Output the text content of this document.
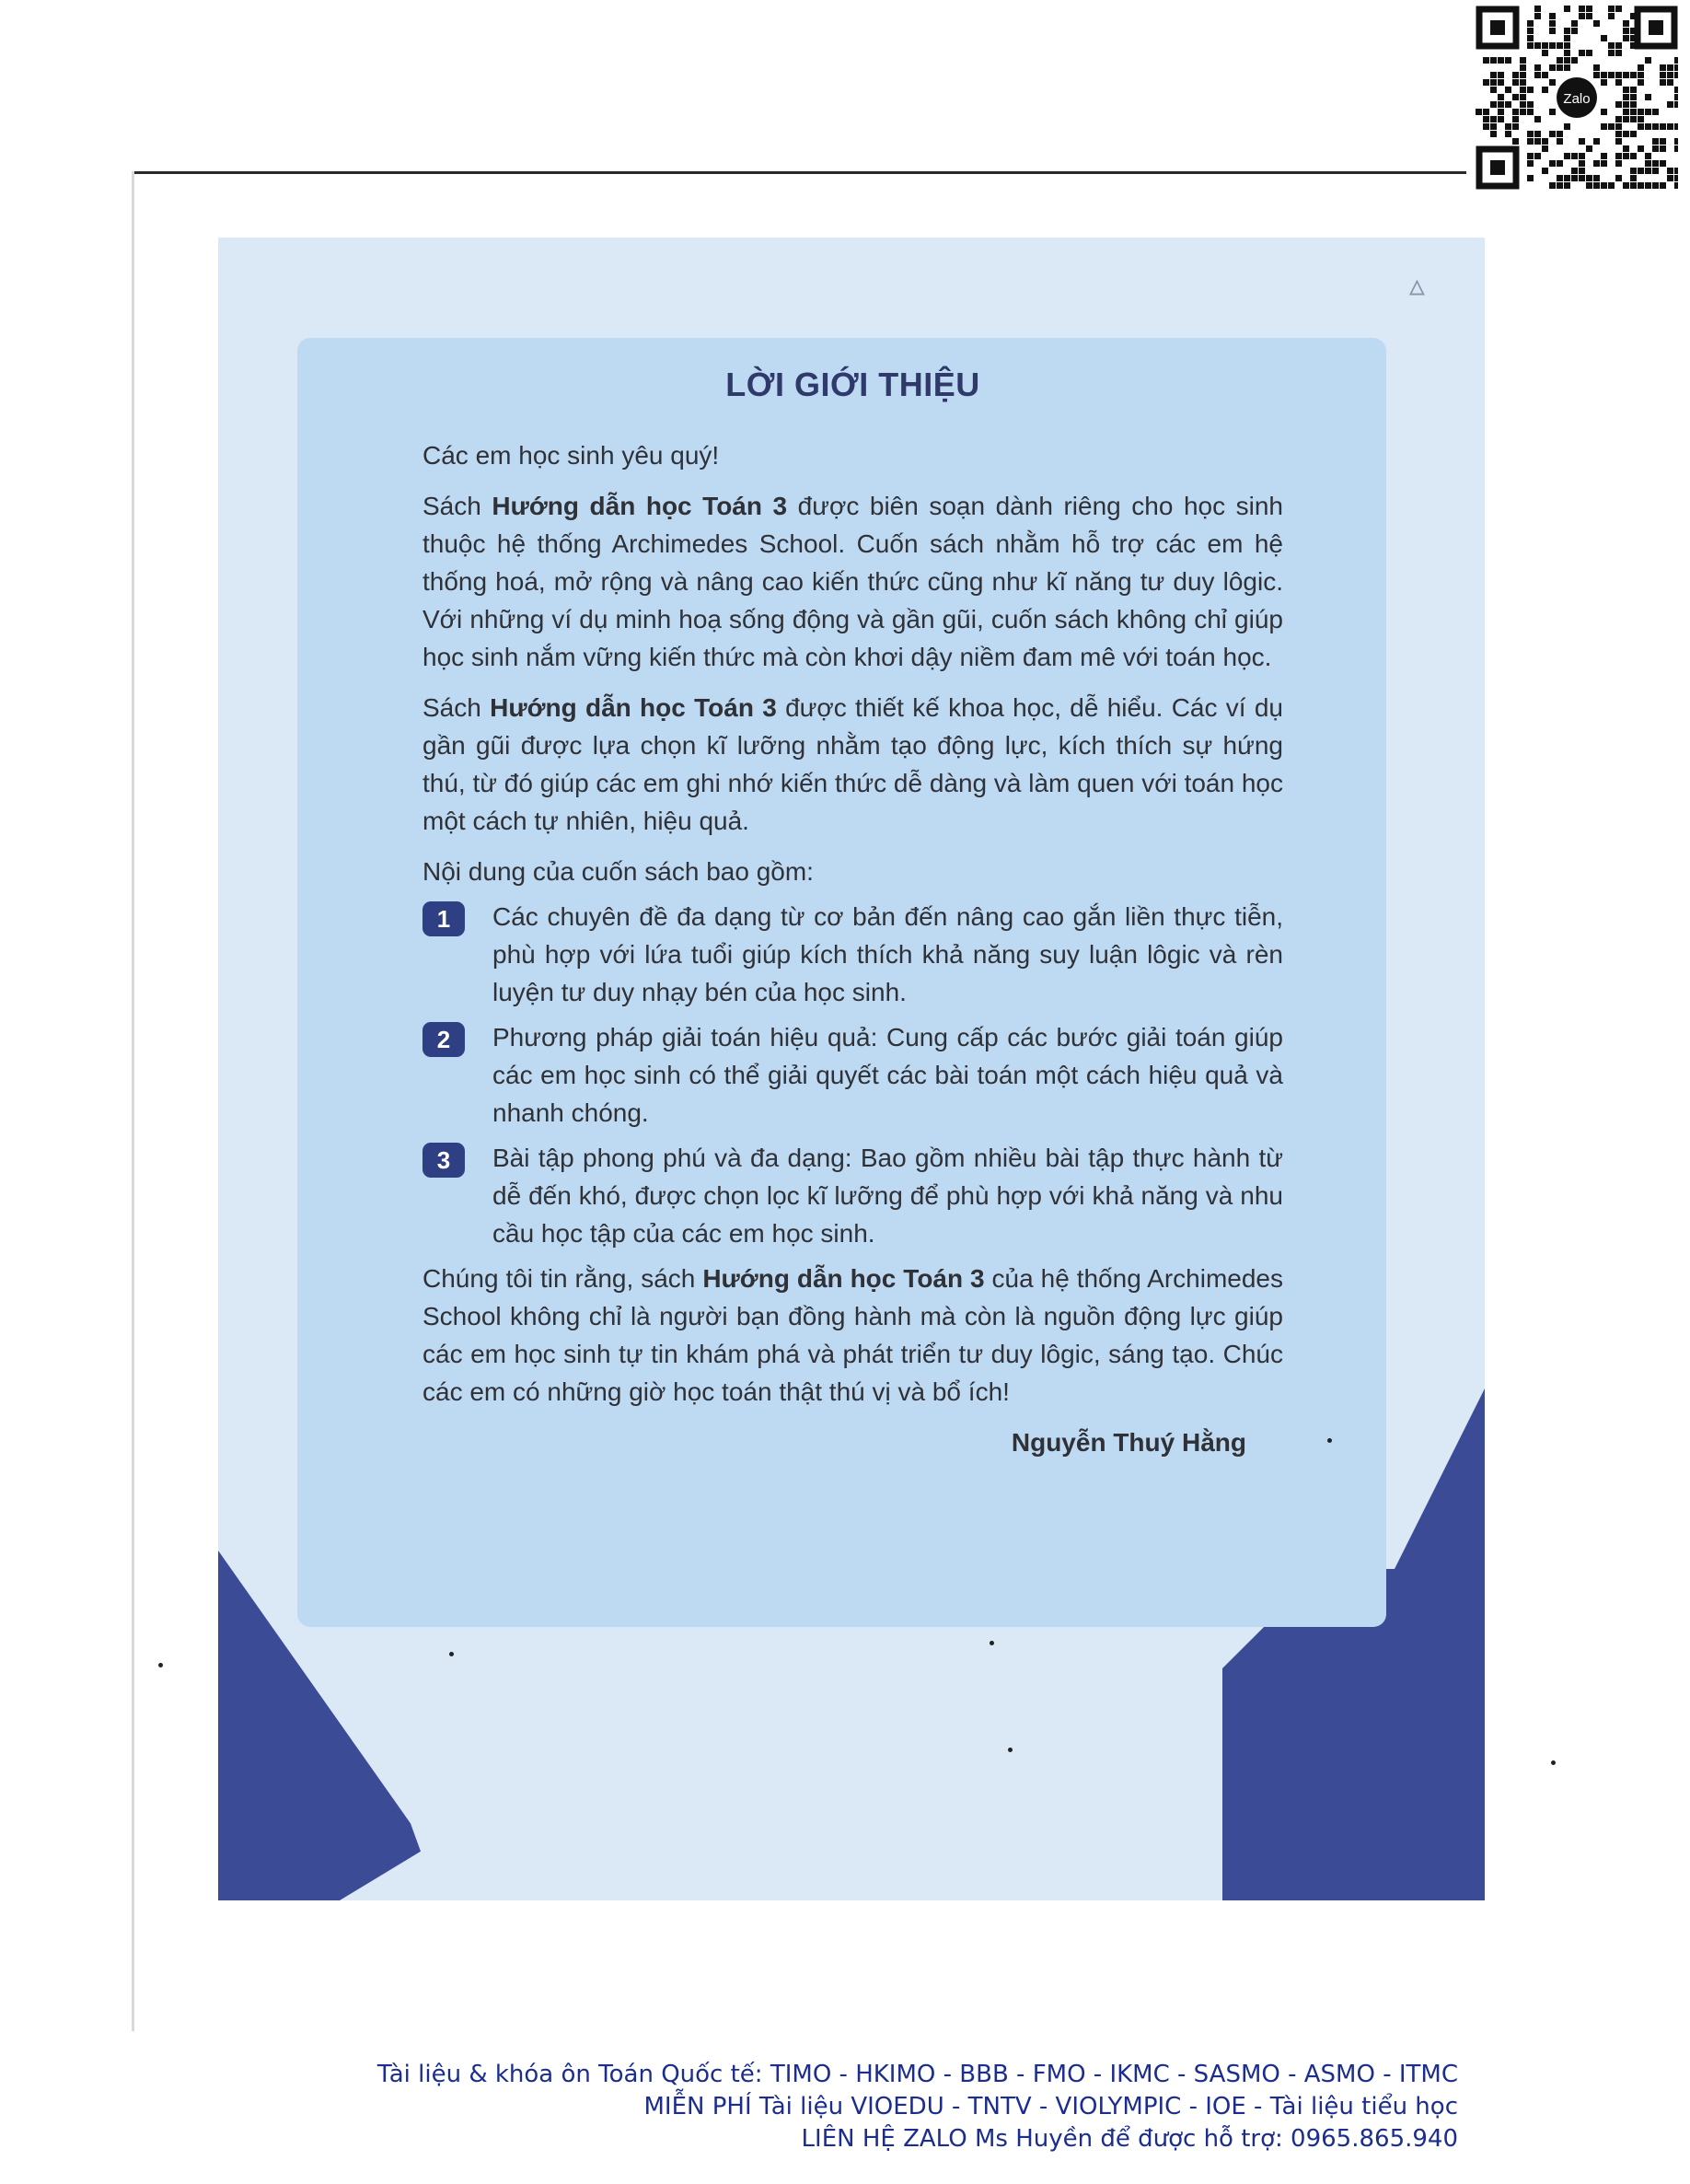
Zalo
▵
LỜI GIỚI THIỆU

Các em học sinh yêu quý!

Sách Hướng dẫn học Toán 3 được biên soạn dành riêng cho học sinh thuộc hệ thống Archimedes School. Cuốn sách nhằm hỗ trợ các em hệ thống hoá, mở rộng và nâng cao kiến thức cũng như kĩ năng tư duy lôgic. Với những ví dụ minh hoạ sống động và gần gũi, cuốn sách không chỉ giúp học sinh nắm vững kiến thức mà còn khơi dậy niềm đam mê với toán học.

Sách Hướng dẫn học Toán 3 được thiết kế khoa học, dễ hiểu. Các ví dụ gần gũi được lựa chọn kĩ lưỡng nhằm tạo động lực, kích thích sự hứng thú, từ đó giúp các em ghi nhớ kiến thức dễ dàng và làm quen với toán học một cách tự nhiên, hiệu quả.

Nội dung của cuốn sách bao gồm:

1	Các chuyên đề đa dạng từ cơ bản đến nâng cao gắn liền thực tiễn, phù hợp với lứa tuổi giúp kích thích khả năng suy luận lôgic và rèn luyện tư duy nhạy bén của học sinh.
2	Phương pháp giải toán hiệu quả: Cung cấp các bước giải toán giúp các em học sinh có thể giải quyết các bài toán một cách hiệu quả và nhanh chóng.
3	Bài tập phong phú và đa dạng: Bao gồm nhiều bài tập thực hành từ dễ đến khó, được chọn lọc kĩ lưỡng để phù hợp với khả năng và nhu cầu học tập của các em học sinh.

Chúng tôi tin rằng, sách Hướng dẫn học Toán 3 của hệ thống Archimedes School không chỉ là người bạn đồng hành mà còn là nguồn động lực giúp các em học sinh tự tin khám phá và phát triển tư duy lôgic, sáng tạo. Chúc các em có những giờ học toán thật thú vị và bổ ích!

Nguyễn Thuý Hằng
Tài liệu & khóa ôn Toán Quốc tế: TIMO - HKIMO - BBB - FMO - IKMC - SASMO - ASMO - ITMC
MIỄN PHÍ Tài liệu VIOEDU - TNTV - VIOLYMPIC - IOE - Tài liệu tiểu học
LIÊN HỆ ZALO Ms Huyền để được hỗ trợ: 0965.865.940
